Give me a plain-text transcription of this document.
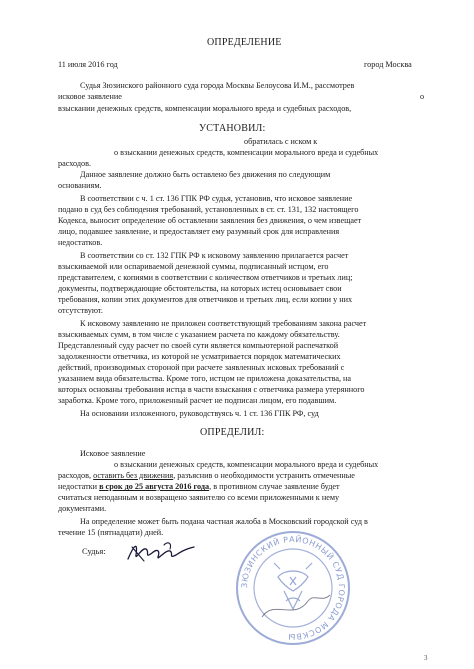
ОПРЕДЕЛЕНИЕ
11 июля 2016 год	город Москва
Судья Зюзинского районного суда города Москвы Белоусова И.М., рассмотрев
исковое заявление	о
взыскании денежных средств, компенсации морального вреда и судебных расходов,
УСТАНОВИЛ:
обратилась с иском к
о взыскании денежных средств, компенсации морального вреда и судебных
расходов.
Данное заявление должно быть оставлено без движения по следующим
основаниям.
В соответствии с ч. 1 ст. 136 ГПК РФ судья, установив, что исковое заявление
подано в суд без соблюдения требований, установленных в ст. ст. 131, 132 настоящего
Кодекса, выносит определение об оставлении заявления без движения, о чем извещает
лицо, подавшее заявление, и предоставляет ему разумный срок для исправления
недостатков.
В соответствии со ст. 132 ГПК РФ к исковому заявлению прилагается расчет
взыскиваемой или оспариваемой денежной суммы, подписанный истцом, его
представителем, с копиями в соответствии с количеством ответчиков и третьих лиц;
документы, подтверждающие обстоятельства, на которых истец основывает свои
требования, копии этих документов для ответчиков и третьих лиц, если копии у них
отсутствуют.
К исковому заявлению не приложен соответствующий требованиям закона расчет
взыскиваемых сумм, в том числе с указанием расчета по каждому обязательству.
Представленный суду расчет по своей сути является компьютерной распечаткой
задолженности ответчика, из которой не усматривается порядок математических
действий, производимых стороной при расчете заявленных исковых требований с
указанием вида обязательства. Кроме того, истцом не приложена доказательства, на
которых основаны требования истца в части взыскания с ответчика размера утерянного
заработка. Кроме того, приложенный расчет не подписан лицом, его подавшим.
На основании изложенного, руководствуясь ч. 1 ст. 136 ГПК РФ, суд
ОПРЕДЕЛИЛ:
Исковое заявление
о взыскании денежных средств, компенсации морального вреда и судебных
расходов, оставить без движения, разъяснив о необходимости устранить отмеченные
недостатки в срок до 25 августа 2016 года, в противном случае заявление будет
считаться неподанным и возвращено заявителю со всеми приложенными к нему
документами.
На определение может быть подана частная жалоба в Московский городской суд в
течение 15 (пятнадцати) дней.
Судья:
ЗЮЗИНСКИЙ РАЙОННЫЙ СУД ГОРОДА МОСКВЫ
3
